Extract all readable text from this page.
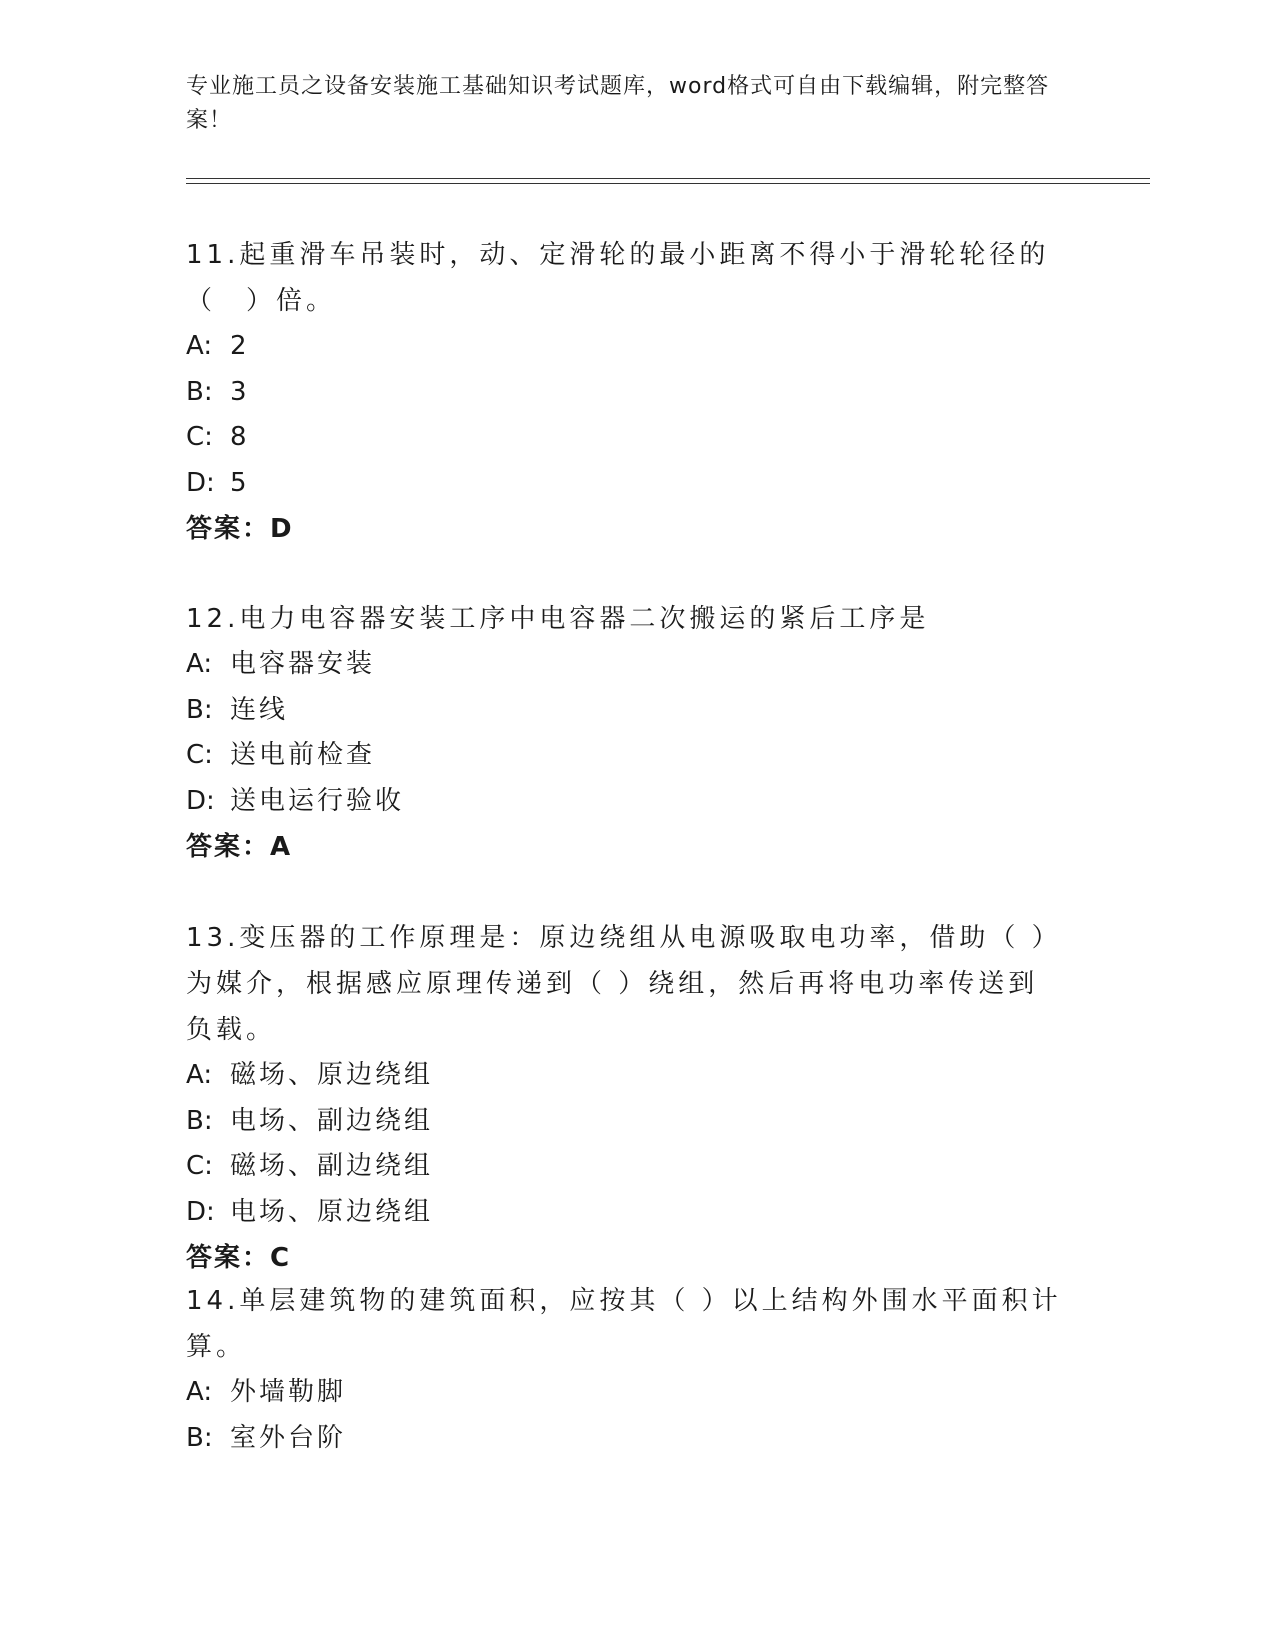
专业施工员之设备安装施工基础知识考试题库，word格式可自由下载编辑，附完整答案！

11.起重滑车吊装时，动、定滑轮的最小距离不得小于滑轮轮径的（　）倍。

A: 2

B: 3

C: 8

D: 5

答案：D

12.电力电容器安装工序中电容器二次搬运的紧后工序是

A: 电容器安装

B: 连线

C: 送电前检查

D: 送电运行验收

答案：A

13.变压器的工作原理是：原边绕组从电源吸取电功率，借助（ ）为媒介，根据感应原理传递到（ ）绕组，然后再将电功率传送到负载。

A: 磁场、原边绕组

B: 电场、副边绕组

C: 磁场、副边绕组

D: 电场、原边绕组

答案：C

14.单层建筑物的建筑面积，应按其（ ）以上结构外围水平面积计算。

A: 外墙勒脚

B: 室外台阶
